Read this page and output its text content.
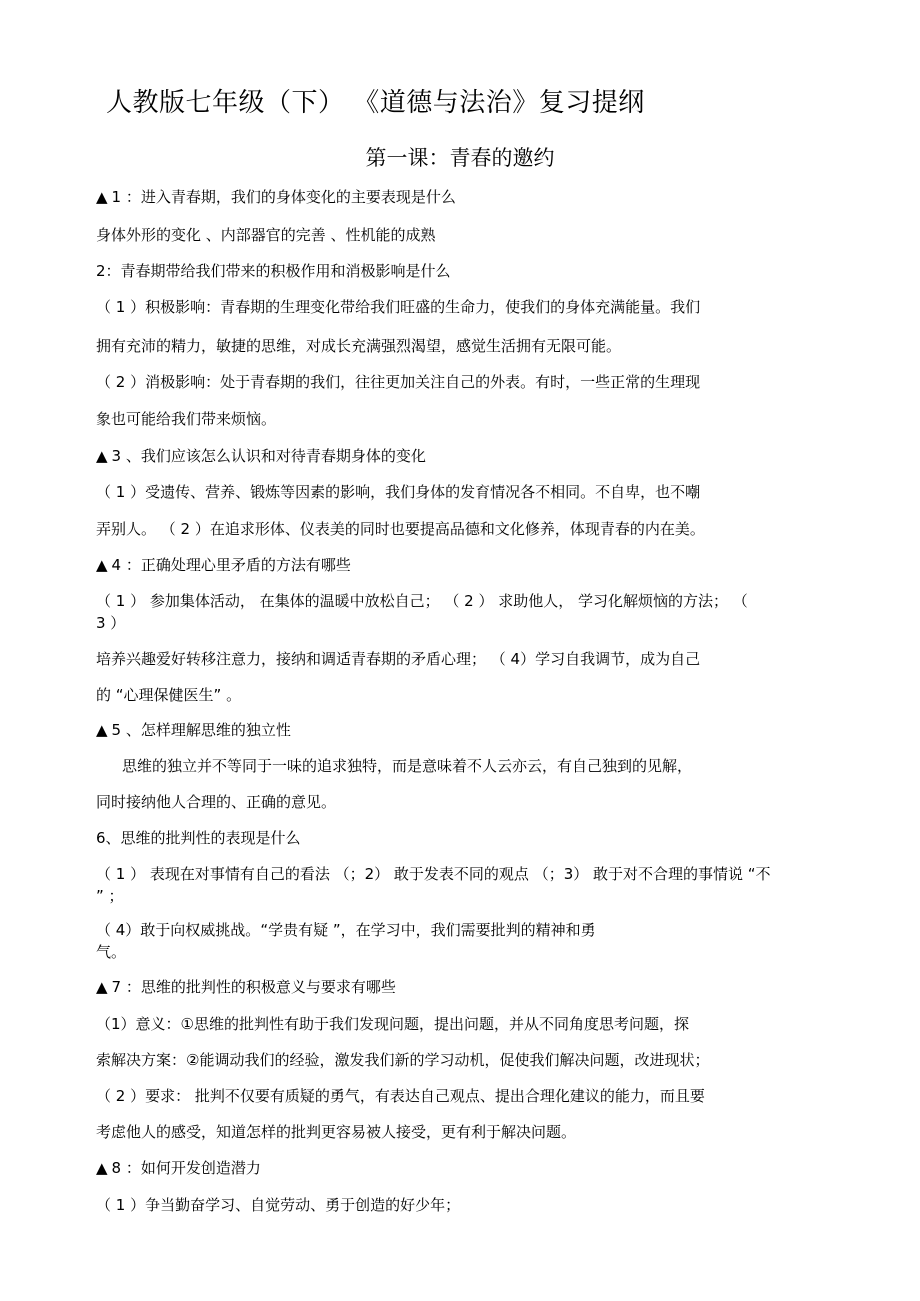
人教版七年级（下） 《道德与法治》复习提纲
第一课：青春的邀约
▲ 1 ：进入青春期，我们的身体变化的主要表现是什么
身体外形的变化 、内部器官的完善 、性机能的成熟
2：青春期带给我们带来的积极作用和消极影响是什么
（ 1 ）积极影响：青春期的生理变化带给我们旺盛的生命力，使我们的身体充满能量。我们
拥有充沛的精力，敏捷的思维，对成长充满强烈渴望，感觉生活拥有无限可能。
（ 2 ）消极影响：处于青春期的我们，往往更加关注自己的外表。有时，一些正常的生理现
象也可能给我们带来烦恼。
▲ 3 、我们应该怎么认识和对待青春期身体的变化
（ 1 ）受遗传、营养、锻炼等因素的影响，我们身体的发育情况各不相同。不自卑，也不嘲
弄别人。 （ 2 ）在追求形体、仪表美的同时也要提高品德和文化修养，体现青春的内在美。
▲ 4 ：正确处理心里矛盾的方法有哪些
（ 1 ） 参加集体活动， 在集体的温暖中放松自己； （ 2 ） 求助他人， 学习化解烦恼的方法； （
3 ）
培养兴趣爱好转移注意力，接纳和调适青春期的矛盾心理； （ 4）学习自我调节，成为自己
的 “心理保健医生” 。
▲ 5 、怎样理解思维的独立性
思维的独立并不等同于一味的追求独特，而是意味着不人云亦云，有自己独到的见解，
同时接纳他人合理的、正确的意见。
6、思维的批判性的表现是什么
（ 1 ） 表现在对事情有自己的看法 （；2） 敢于发表不同的观点 （；3） 敢于对不合理的事情说 “不
” ；
（ 4）敢于向权威挑战。“学贵有疑 ”，在学习中，我们需要批判的精神和勇
气。
▲ 7 ：思维的批判性的积极意义与要求有哪些
（1）意义：①思维的批判性有助于我们发现问题，提出问题，并从不同角度思考问题，探
索解决方案：②能调动我们的经验，激发我们新的学习动机，促使我们解决问题，改进现状；
（ 2 ）要求： 批判不仅要有质疑的勇气，有表达自己观点、提出合理化建议的能力，而且要
考虑他人的感受，知道怎样的批判更容易被人接受，更有利于解决问题。
▲ 8 ：如何开发创造潜力
（ 1 ）争当勤奋学习、自觉劳动、勇于创造的好少年；
